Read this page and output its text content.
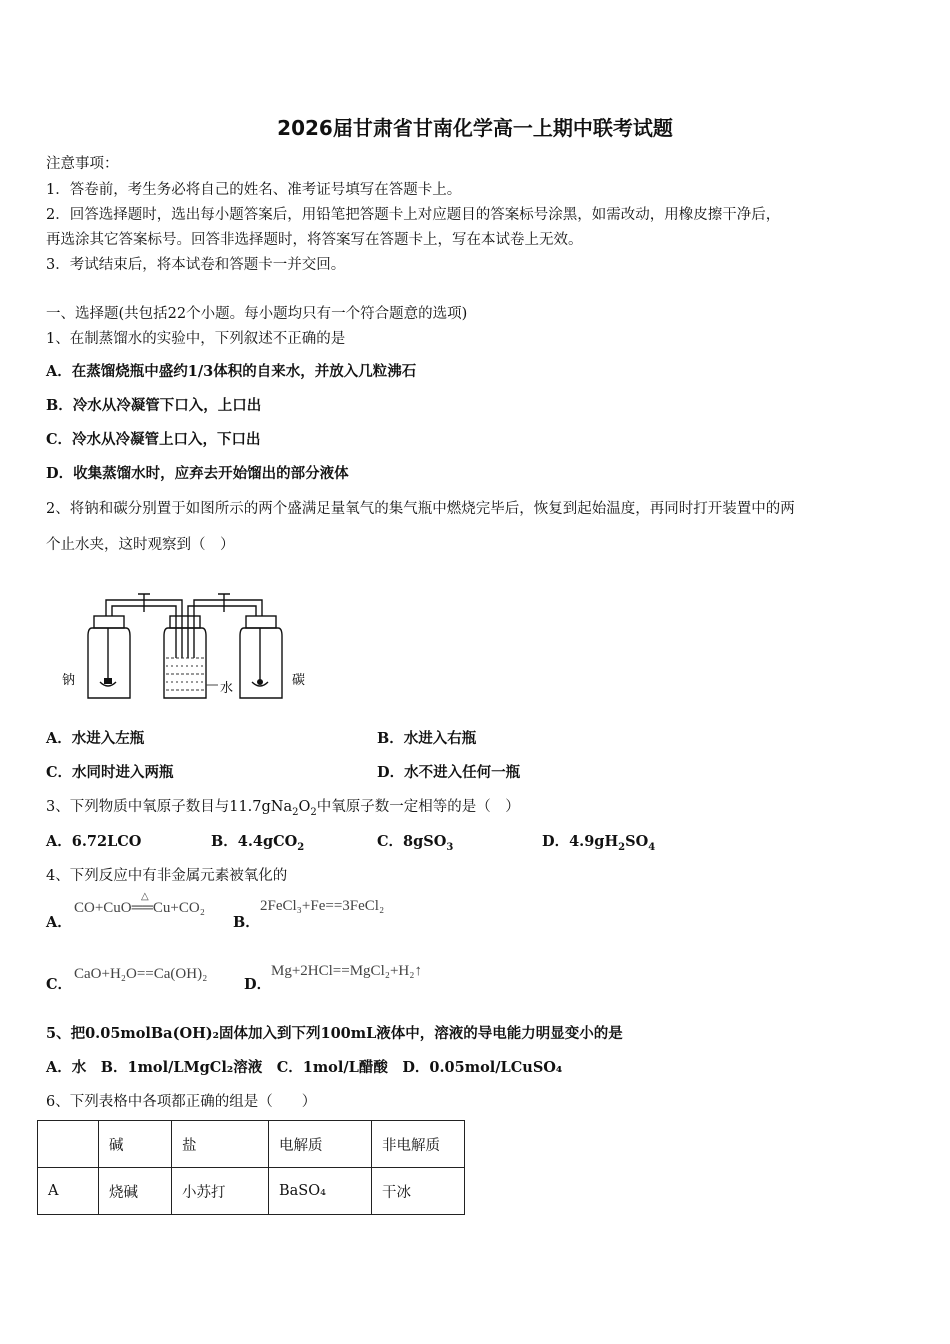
2026届甘肃省甘南化学高一上期中联考试题
注意事项：
1．答卷前，考生务必将自己的姓名、准考证号填写在答题卡上。
2．回答选择题时，选出每小题答案后，用铅笔把答题卡上对应题目的答案标号涂黑，如需改动，用橡皮擦干净后，
再选涂其它答案标号。回答非选择题时，将答案写在答题卡上，写在本试卷上无效。
3．考试结束后，将本试卷和答题卡一并交回。
一、选择题(共包括22个小题。每小题均只有一个符合题意的选项)
1、在制蒸馏水的实验中，下列叙述不正确的是
A．在蒸馏烧瓶中盛约1/3体积的自来水，并放入几粒沸石
B．冷水从冷凝管下口入，上口出
C．冷水从冷凝管上口入，下口出
D．收集蒸馏水时，应弃去开始馏出的部分液体
2、将钠和碳分别置于如图所示的两个盛满足量氧气的集气瓶中燃烧完毕后，恢复到起始温度，再同时打开装置中的两
个止水夹，这时观察到（　）
钠
水
碳
A．水进入左瓶	B．水进入右瓶
C．水同时进入两瓶	D．水不进入任何一瓶
3、下列物质中氧原子数目与$11.7gNa_2O_2$中氧原子数一定相等的是（　）
A．6.72LCO	B．4.4gCO$_2$	C．8gSO$_3$	D．$4.9gH_2SO_4$
4、下列反应中有非金属元素被氧化的
A．
CO+CuO══Cu+CO₂
△
B．
2FeCl₃+Fe==3FeCl₂
C．
CaO+H₂O==Ca(OH)₂
D．
Mg+2HCl==MgCl₂+H₂↑
5、把0.05molBa(OH)₂固体加入到下列100mL液体中，溶液的导电能力明显变小的是
A．水　B．1mol/LMgCl₂溶液　C．1mol/L醋酸　D．0.05mol/LCuSO₄
6、下列表格中各项都正确的组是（　　）
	碱	盐	电解质	非电解质
A	烧碱	小苏打	BaSO₄	干冰
